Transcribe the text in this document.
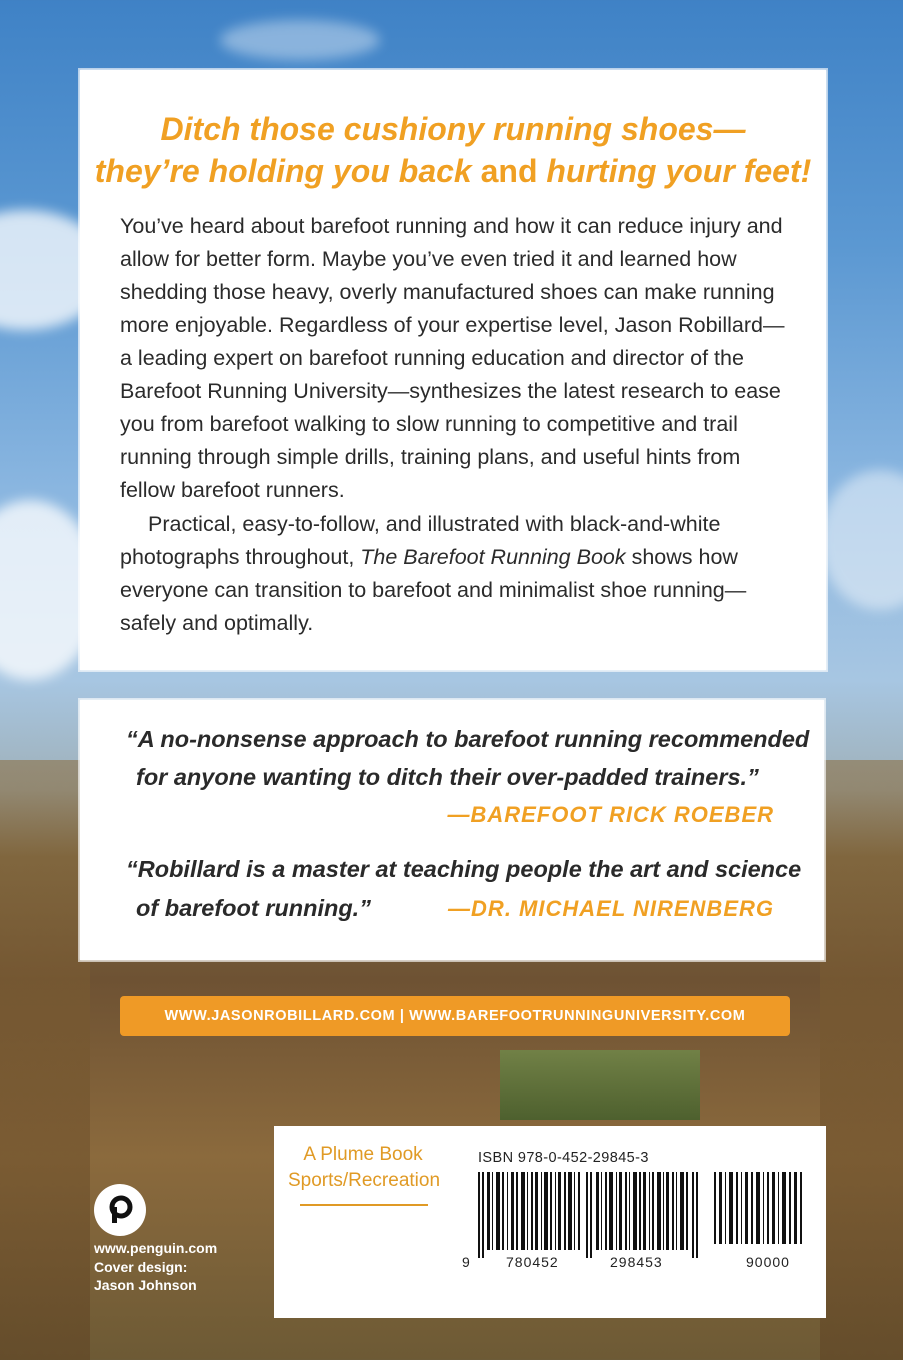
Ditch those cushiony running shoes—
they’re holding you back and hurting your feet!
You’ve heard about barefoot running and how it can reduce injury and allow for better form. Maybe you’ve even tried it and learned how shedding those heavy, overly manufactured shoes can make running more enjoyable. Regardless of your expertise level, Jason Robillard—a leading expert on barefoot running education and director of the Barefoot Running University—synthesizes the latest research to ease you from barefoot walking to slow running to competitive and trail running through simple drills, training plans, and useful hints from fellow barefoot runners.
Practical, easy-to-follow, and illustrated with black-and-white photographs throughout, The Barefoot Running Book shows how everyone can transition to barefoot and minimalist shoe running—safely and optimally.
“A no-nonsense approach to barefoot running recommended
for anyone wanting to ditch their over-padded trainers.”
—BAREFOOT RICK ROEBER
“Robillard is a master at teaching people the art and science
of barefoot running.”	—DR. MICHAEL NIRENBERG
WWW.JASONROBILLARD.COM | WWW.BAREFOOTRUNNINGUNIVERSITY.COM
www.penguin.com
Cover design:
Jason Johnson
A Plume Book
Sports/Recreation
ISBN 978-0-452-29845-3
9	780452	298453	90000
